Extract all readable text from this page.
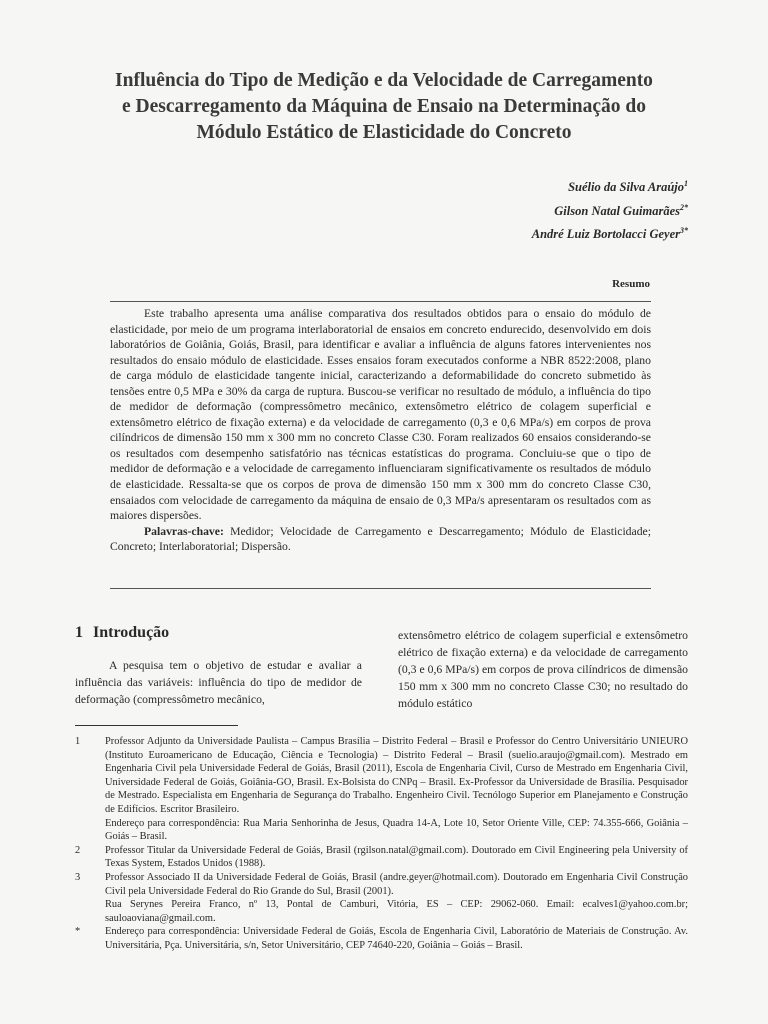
Influência do Tipo de Medição e da Velocidade de Carregamento
e Descarregamento da Máquina de Ensaio na Determinação do
Módulo Estático de Elasticidade do Concreto
Suélio da Silva Araújo$^1$
Gilson Natal Guimarães$^{2*}$
André Luiz Bortolacci Geyer$^{3*}$
Resumo

Este trabalho apresenta uma análise comparativa dos resultados obtidos para o ensaio do módulo de elasticidade, por meio de um programa interlaboratorial de ensaios em concreto endurecido, desenvolvido em dois laboratórios de Goiânia, Goiás, Brasil, para identificar e avaliar a influência de alguns fatores intervenientes nos resultados do ensaio módulo de elasticidade. Esses ensaios foram executados conforme a NBR 8522:2008, plano de carga módulo de elasticidade tangente inicial, caracterizando a deformabilidade do concreto submetido às tensões entre 0,5 MPa e 30% da carga de ruptura. Buscou-se verificar no resultado de módulo, a influência do tipo de medidor de deformação (compressômetro mecânico, extensômetro elétrico de colagem superficial e extensômetro elétrico de fixação externa) e da velocidade de carregamento (0,3 e 0,6 MPa/s) em corpos de prova cilíndricos de dimensão 150 mm x 300 mm no concreto Classe C30. Foram realizados 60 ensaios considerando-se os resultados com desempenho satisfatório nas técnicas estatísticas do programa. Concluiu-se que o tipo de medidor de deformação e a velocidade de carregamento influenciaram significativamente os resultados de módulo de elasticidade. Ressalta-se que os corpos de prova de dimensão 150 mm x 300 mm do concreto Classe C30, ensaiados com velocidade de carregamento da máquina de ensaio de 0,3 MPa/s apresentaram os resultados com as maiores dispersões.

Palavras-chave: Medidor; Velocidade de Carregamento e Descarregamento; Módulo de Elasticidade; Concreto; Interlaboratorial; Dispersão.

1 Introdução

A pesquisa tem o objetivo de estudar e avaliar a influência das variáveis: influência do tipo de medidor de deformação (compressômetro mecânico,

extensômetro elétrico de colagem superficial e extensômetro elétrico de fixação externa) e da velocidade de carregamento (0,3 e 0,6 MPa/s) em corpos de prova cilíndricos de dimensão 150 mm x 300 mm no concreto Classe C30; no resultado do módulo estático

1	Professor Adjunto da Universidade Paulista – Campus Brasília – Distrito Federal – Brasil e Professor do Centro Universitário UNIEURO (Instituto Euroamericano de Educação, Ciência e Tecnologia) – Distrito Federal – Brasil (suelio.araujo@gmail.com). Mestrado em Engenharia Civil pela Universidade Federal de Goiás, Brasil (2011), Escola de Engenharia Civil, Curso de Mestrado em Engenharia Civil, Universidade Federal de Goiás, Goiânia-GO, Brasil. Ex-Bolsista do CNPq – Brasil. Ex-Professor da Universidade de Brasília. Pesquisador de Mestrado. Especialista em Engenharia de Segurança do Trabalho. Engenheiro Civil. Tecnólogo Superior em Planejamento e Construção de Edifícios. Escritor Brasileiro.
Endereço para correspondência: Rua Maria Senhorinha de Jesus, Quadra 14-A, Lote 10, Setor Oriente Ville, CEP: 74.355-666, Goiânia – Goiás – Brasil.
2	Professor Titular da Universidade Federal de Goiás, Brasil (rgilson.natal@gmail.com). Doutorado em Civil Engineering pela University of Texas System, Estados Unidos (1988).
3	Professor Associado II da Universidade Federal de Goiás, Brasil (andre.geyer@hotmail.com). Doutorado em Engenharia Civil Construção Civil pela Universidade Federal do Rio Grande do Sul, Brasil (2001).
Rua Serynes Pereira Franco, nº 13, Pontal de Camburi, Vitória, ES – CEP: 29062-060. Email: ecalves1@yahoo.com.br; sauloaoviana@gmail.com.
*	Endereço para correspondência: Universidade Federal de Goiás, Escola de Engenharia Civil, Laboratório de Materiais de Construção. Av. Universitária, Pça. Universitária, s/n, Setor Universitário, CEP 74640-220, Goiânia – Goiás – Brasil.
